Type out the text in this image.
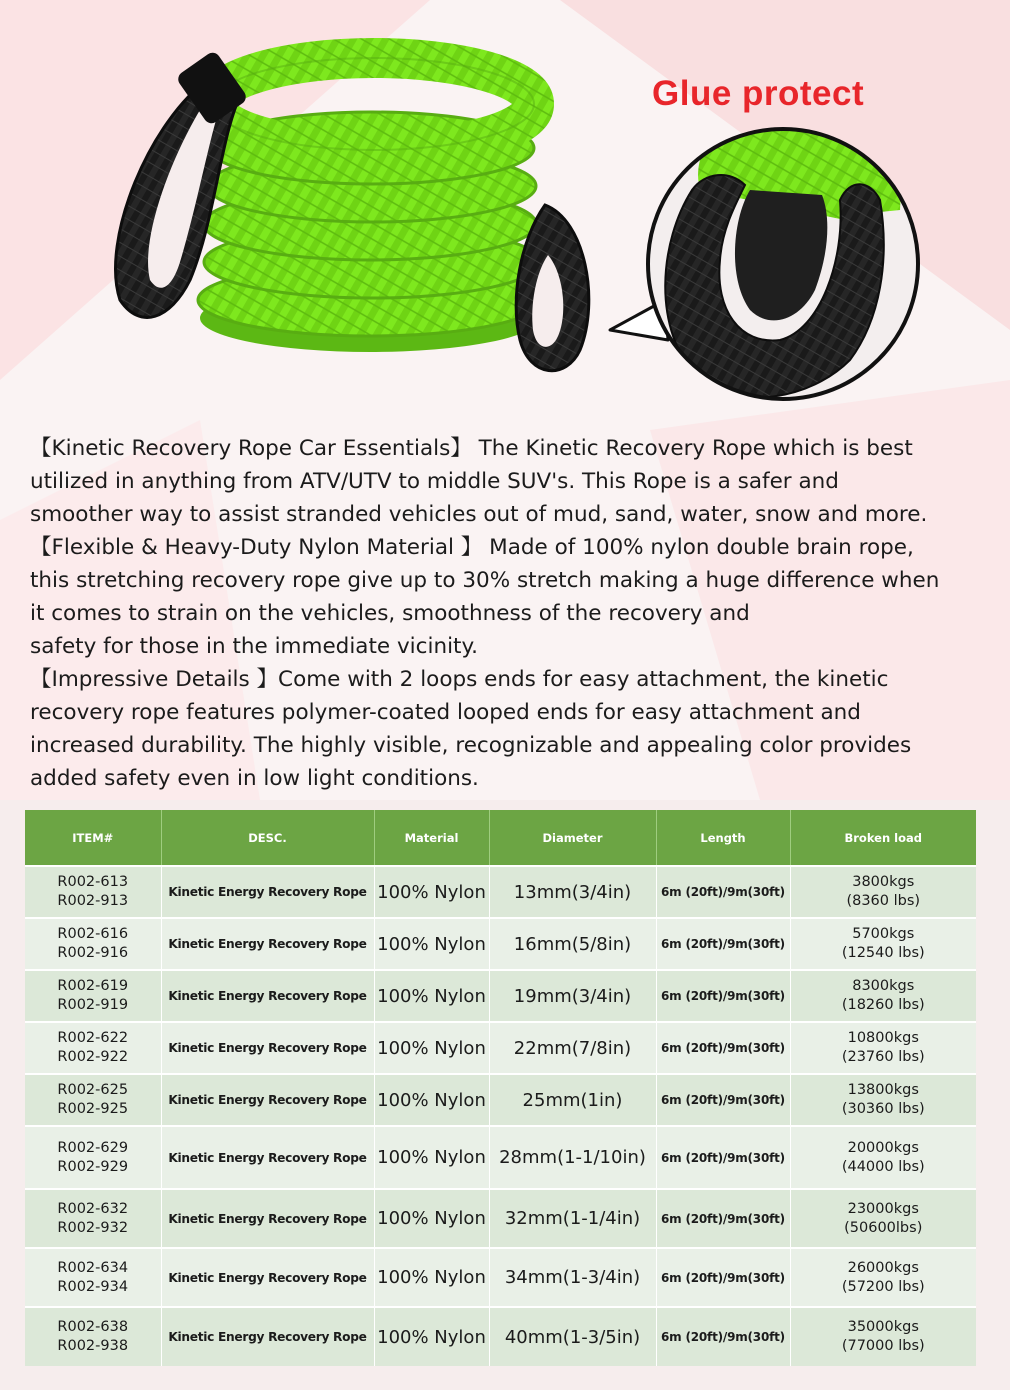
Glue protect

【Kinetic Recovery Rope Car Essentials】 The Kinetic Recovery Rope which is best

utilized in anything from ATV/UTV to middle SUV's. This Rope is a safer and

smoother way to assist stranded vehicles out of mud, sand, water, snow and more.

【Flexible & Heavy-Duty Nylon Material 】 Made of 100% nylon double brain rope,

this stretching recovery rope give up to 30% stretch making a huge difference when

it comes to strain on the vehicles, smoothness of the recovery and

safety for those in the immediate vicinity.

【Impressive Details 】Come with 2 loops ends for easy attachment, the kinetic

recovery rope features polymer-coated looped ends for easy attachment and

increased durability. The highly visible, recognizable and appealing color provides

added safety even in low light conditions.

ITEM#	DESC.	Material	Diameter	Length	Broken load

R002-613
R002-913	Kinetic Energy Recovery Rope	100% Nylon	13mm(3/4in)	6m (20ft)/9m(30ft)	3800kgs
(8360 lbs)

R002-616
R002-916	Kinetic Energy Recovery Rope	100% Nylon	16mm(5/8in)	6m (20ft)/9m(30ft)	5700kgs
(12540 lbs)

R002-619
R002-919	Kinetic Energy Recovery Rope	100% Nylon	19mm(3/4in)	6m (20ft)/9m(30ft)	8300kgs
(18260 lbs)

R002-622
R002-922	Kinetic Energy Recovery Rope	100% Nylon	22mm(7/8in)	6m (20ft)/9m(30ft)	10800kgs
(23760 lbs)

R002-625
R002-925	Kinetic Energy Recovery Rope	100% Nylon	25mm(1in)	6m (20ft)/9m(30ft)	13800kgs
(30360 lbs)

R002-629
R002-929	Kinetic Energy Recovery Rope	100% Nylon	28mm(1-1/10in)	6m (20ft)/9m(30ft)	20000kgs
(44000 lbs)

R002-632
R002-932	Kinetic Energy Recovery Rope	100% Nylon	32mm(1-1/4in)	6m (20ft)/9m(30ft)	23000kgs
(50600lbs)

R002-634
R002-934	Kinetic Energy Recovery Rope	100% Nylon	34mm(1-3/4in)	6m (20ft)/9m(30ft)	26000kgs
(57200 lbs)

R002-638
R002-938	Kinetic Energy Recovery Rope	100% Nylon	40mm(1-3/5in)	6m (20ft)/9m(30ft)	35000kgs
(77000 lbs)
